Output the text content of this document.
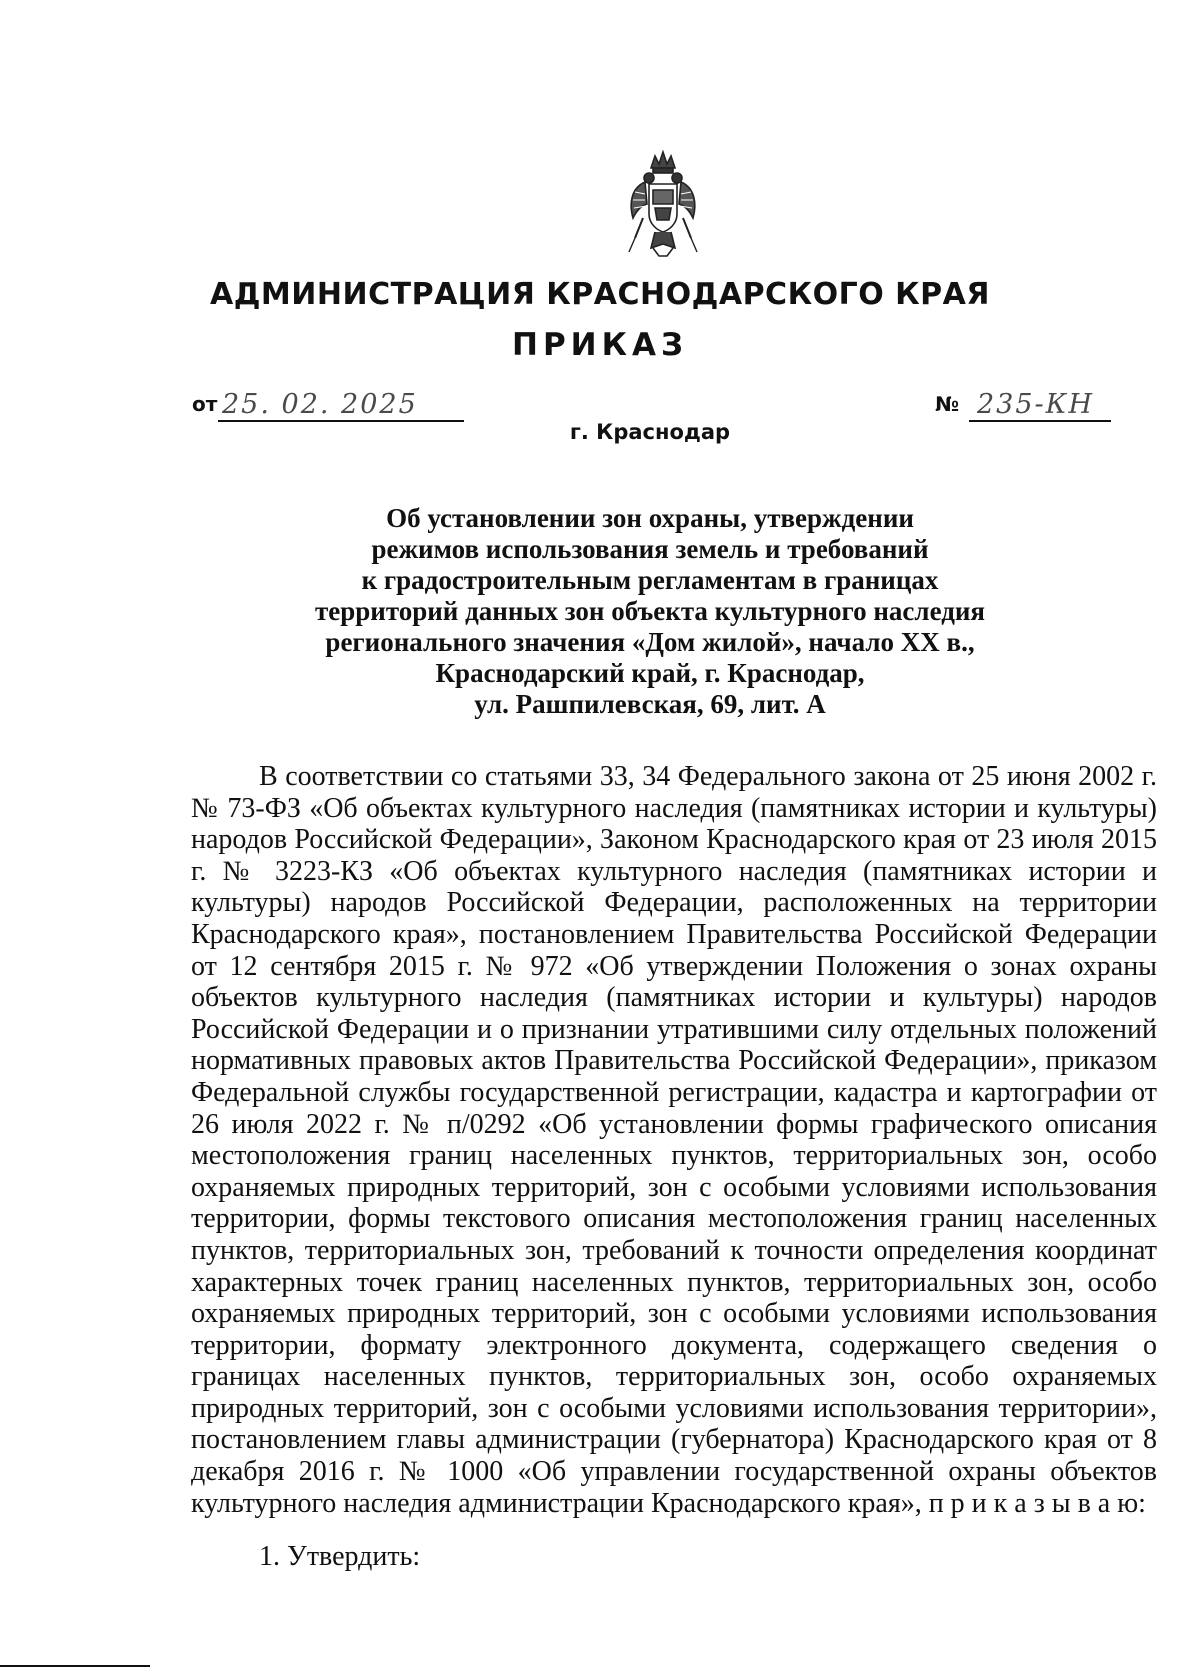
АДМИНИСТРАЦИЯ КРАСНОДАРСКОГО КРАЯ
ПРИКАЗ
от 25. 02. 2025	№ 235-КН
г. Краснодар
Об установлении зон охраны, утверждении
режимов использования земель и требований
к градостроительным регламентам в границах
территорий данных зон объекта культурного наследия
регионального значения «Дом жилой», начало XX в.,
Краснодарский край, г. Краснодар,
ул. Рашпилевская, 69, лит. А

В соответствии со статьями 33, 34 Федерального закона от 25 июня 2002 г. № 73-ФЗ «Об объектах культурного наследия (памятниках истории и культуры) народов Российской Федерации», Законом Краснодарского края от 23 июля 2015 г. № 3223-КЗ «Об объектах культурного наследия (памятниках истории и культуры) народов Российской Федерации, расположенных на территории Краснодарского края», постановлением Правительства Российской Федерации от 12 сентября 2015 г. № 972 «Об утверждении Положения о зонах охраны объектов культурного наследия (памятниках истории и культуры) народов Российской Федерации и о признании утратившими силу отдельных положений нормативных правовых актов Правительства Российской Федерации», приказом Федеральной службы государственной регистрации, кадастра и картографии от 26 июля 2022 г. № п/0292 «Об установлении формы графического описания местоположения границ населенных пунктов, территориальных зон, особо охраняемых природных территорий, зон с особыми условиями использования территории, формы текстового описания местоположения границ населенных пунктов, территориальных зон, требований к точности определения координат характерных точек границ населенных пунктов, территориальных зон, особо охраняемых природных территорий, зон с особыми условиями использования территории, формату электронного документа, содержащего сведения о границах населенных пунктов, территориальных зон, особо охраняемых природных территорий, зон с особыми условиями использования территории», постановлением главы администрации (губернатора) Краснодарского края от 8 декабря 2016 г. № 1000 «Об управлении государственной охраны объектов культурного наследия администрации Краснодарского края», п р и к а з ы в а ю:

1. Утвердить:
